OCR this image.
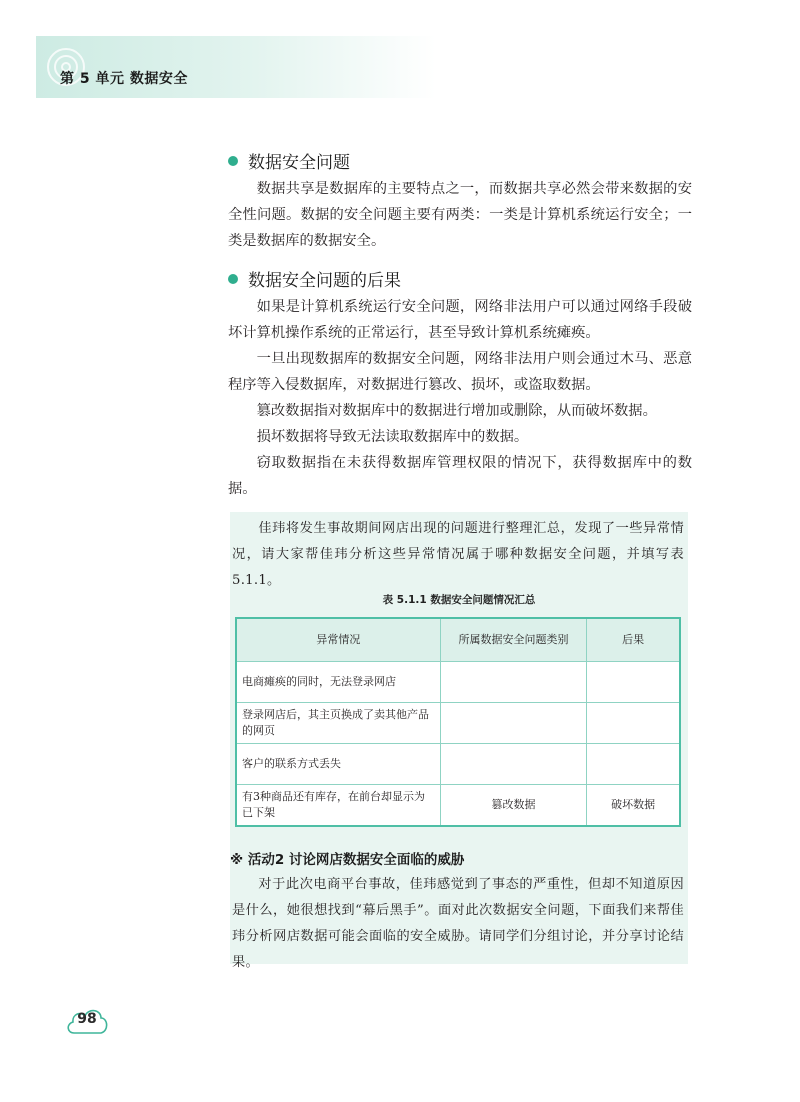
第 5 单元 数据安全
数据安全问题

数据共享是数据库的主要特点之一，而数据共享必然会带来数据的安全性问题。数据的安全问题主要有两类：一类是计算机系统运行安全；一类是数据库的数据安全。

数据安全问题的后果

如果是计算机系统运行安全问题，网络非法用户可以通过网络手段破坏计算机操作系统的正常运行，甚至导致计算机系统瘫痪。

一旦出现数据库的数据安全问题，网络非法用户则会通过木马、恶意程序等入侵数据库，对数据进行篡改、损坏，或盗取数据。

篡改数据指对数据库中的数据进行增加或删除，从而破坏数据。

损坏数据将导致无法读取数据库中的数据。

窃取数据指在未获得数据库管理权限的情况下，获得数据库中的数据。

佳玮将发生事故期间网店出现的问题进行整理汇总，发现了一些异常情况，请大家帮佳玮分析这些异常情况属于哪种数据安全问题，并填写表5.1.1。

表 5.1.1 数据安全问题情况汇总
异常情况	所属数据安全问题类别	后果
电商瘫痪的同时，无法登录网店		
登录网店后，其主页换成了卖其他产品的网页		
客户的联系方式丢失		
有3种商品还有库存，在前台却显示为已下架	篡改数据	破坏数据
※ 活动2 讨论网店数据安全面临的威胁

对于此次电商平台事故，佳玮感觉到了事态的严重性，但却不知道原因是什么，她很想找到“幕后黑手”。面对此次数据安全问题，下面我们来帮佳玮分析网店数据可能会面临的安全威胁。请同学们分组讨论，并分享讨论结果。

98
